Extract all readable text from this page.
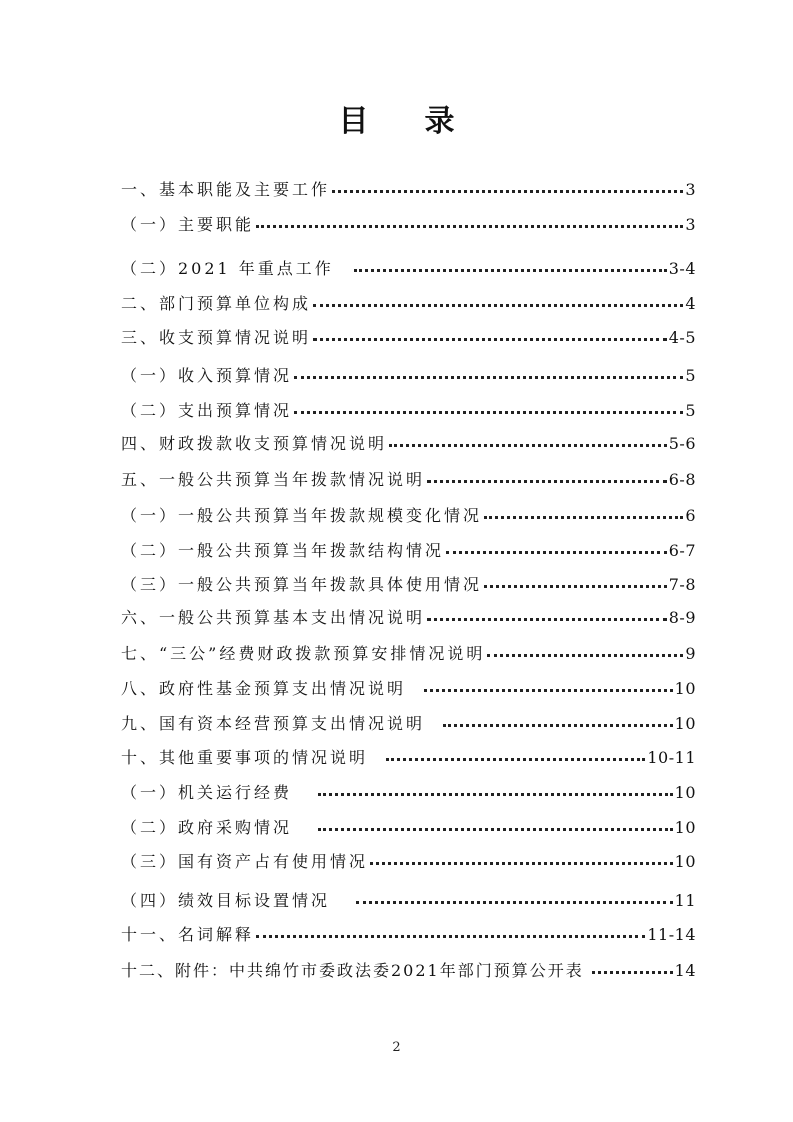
目 录
一、基本职能及主要工作	3
（一）主要职能	3
（二）2021 年重点工作	3-4
二、部门预算单位构成	4
三、收支预算情况说明	4-5
（一）收入预算情况	5
（二）支出预算情况	5
四、财政拨款收支预算情况说明	5-6
五、一般公共预算当年拨款情况说明	6-8
（一）一般公共预算当年拨款规模变化情况	6
（二）一般公共预算当年拨款结构情况	6-7
（三）一般公共预算当年拨款具体使用情况	7-8
六、一般公共预算基本支出情况说明	8-9
七、“三公”经费财政拨款预算安排情况说明	9
八、政府性基金预算支出情况说明	10
九、国有资本经营预算支出情况说明	10
十、其他重要事项的情况说明	10-11
（一）机关运行经费	10
（二）政府采购情况	10
（三）国有资产占有使用情况	10
（四）绩效目标设置情况	11
十一、名词解释	11-14
十二、附件：中共绵竹市委政法委2021年部门预算公开表	14
2
